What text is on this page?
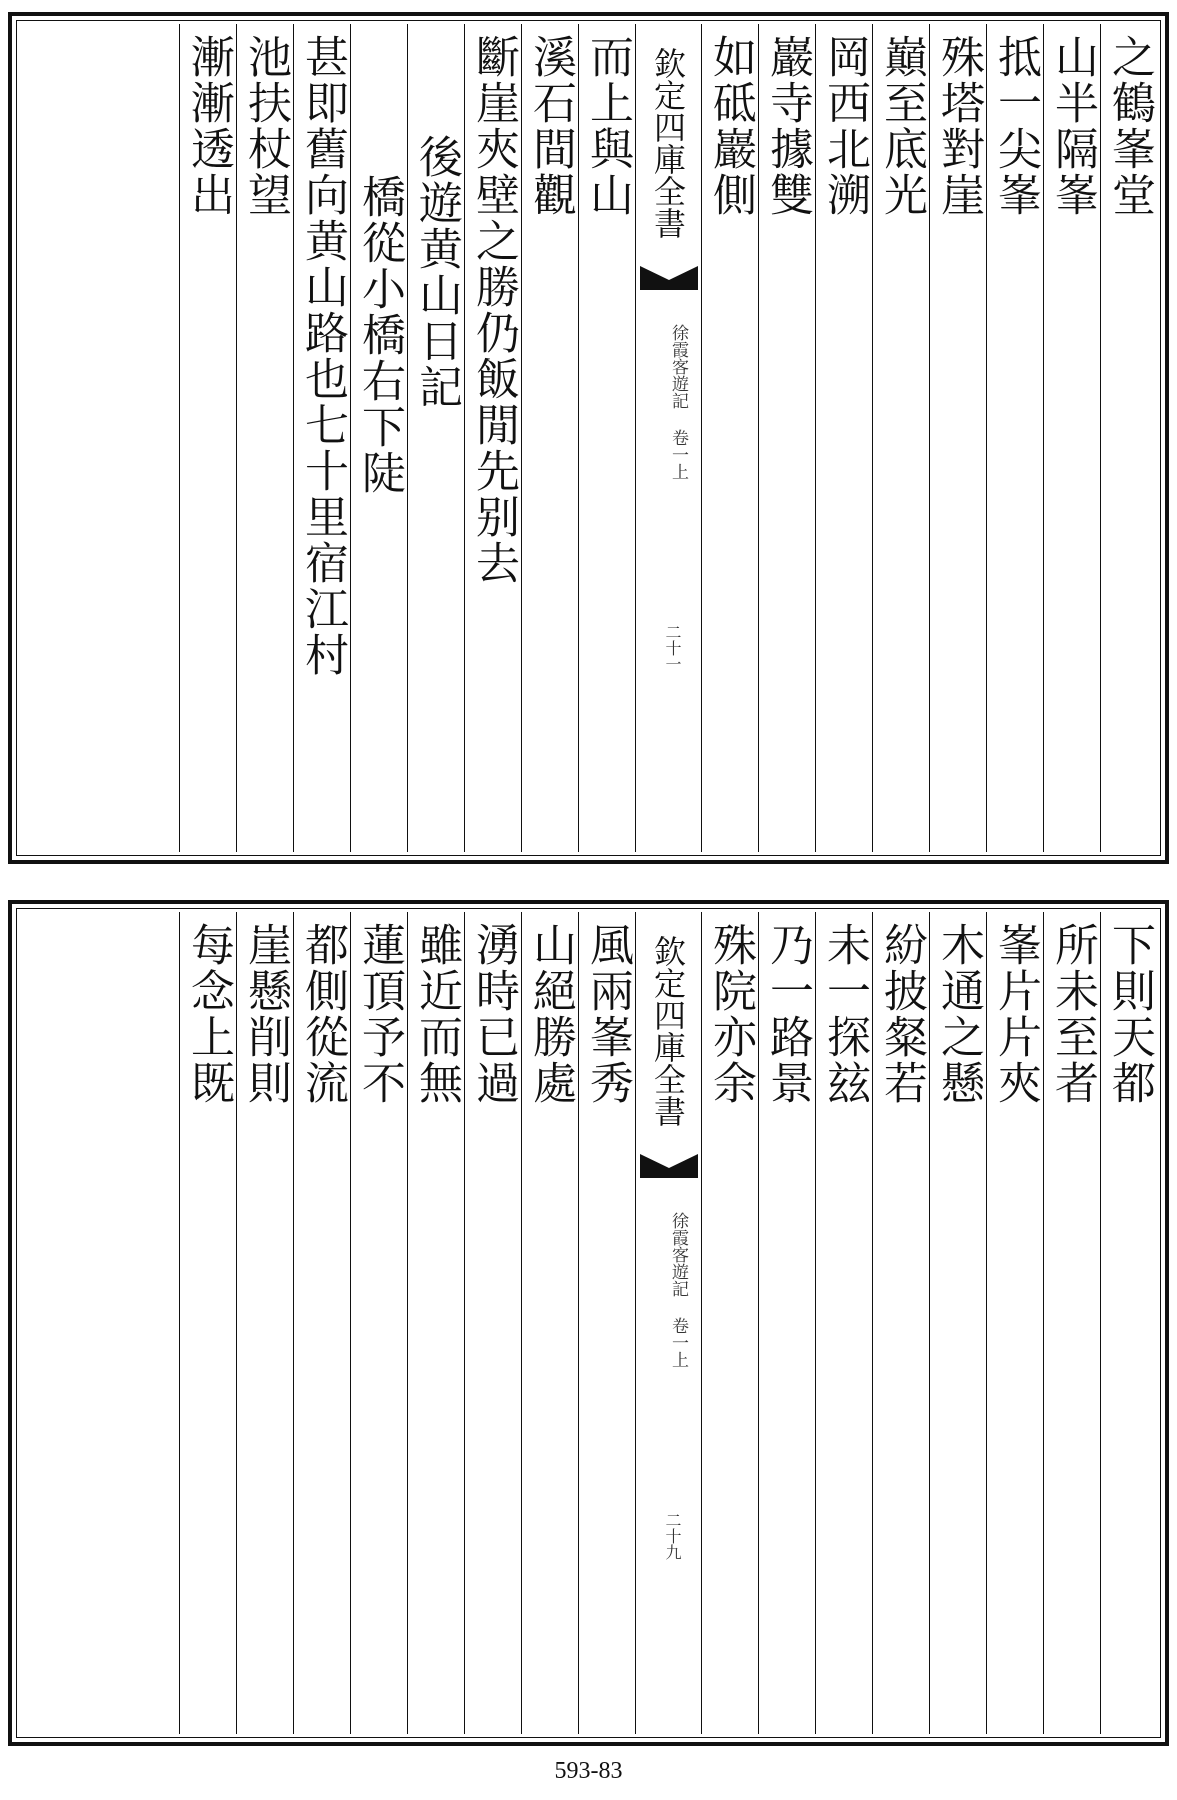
之鶴峯堂
山半隔峯
抵一尖峯
殊塔對崖
巔至底光
岡西北溯
巖寺據雙
如砥巖側
欽定四庫全書
徐霞客遊記 卷一上
二十一
而上與山
溪石間觀
斷崖夾壁之勝仍飯閒先别去
後遊黄山日記
橋從小橋右下陡
甚即舊向黄山路也七十里宿江村
池扶杖望
漸漸透出
下則天都
所未至者
峯片片夾
木通之懸
紛披粲若
未一探玆
乃一路景
殊院亦余
欽定四庫全書
徐霞客遊記 卷一上
二十九
風兩峯秀
山絕勝處
湧時已過
雖近而無
蓮頂予不
都側從流
崖懸削則
每念上既
593-83
